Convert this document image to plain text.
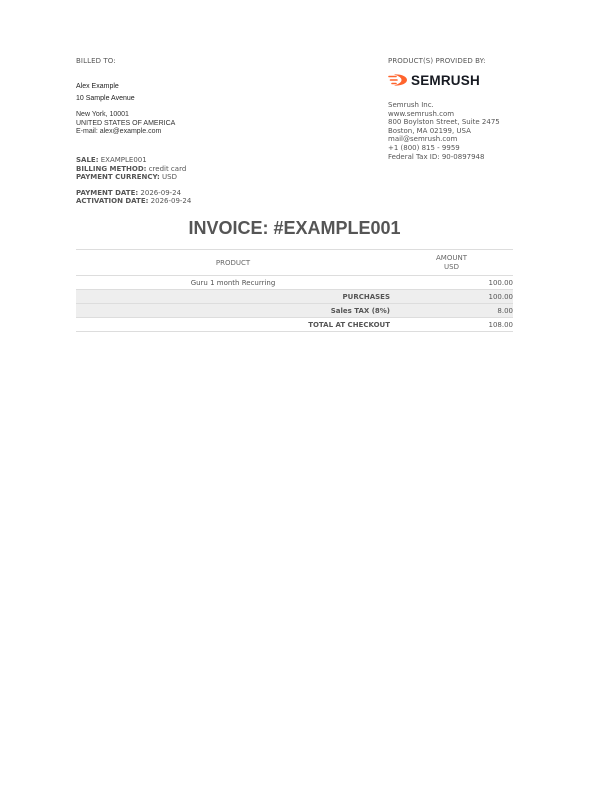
BILLED TO:
Alex Example
10 Sample Avenue
New York, 10001
UNITED STATES OF AMERICA
E-mail: alex@example.com
SALE: EXAMPLE001
BILLING METHOD: credit card
PAYMENT CURRENCY: USD
PAYMENT DATE: 2026-09-24
ACTIVATION DATE: 2026-09-24
PRODUCT(S) PROVIDED BY:
SEMRUSH
Semrush Inc.
www.semrush.com
800 Boylston Street, Suite 2475
Boston, MA 02199, USA
mail@semrush.com
+1 (800) 815 - 9959
Federal Tax ID: 90-0897948
INVOICE: #EXAMPLE001
PRODUCT	AMOUNT
USD

Guru 1 month Recurring	100.00
PURCHASES	100.00
Sales TAX (8%)	8.00
TOTAL AT CHECKOUT	108.00
